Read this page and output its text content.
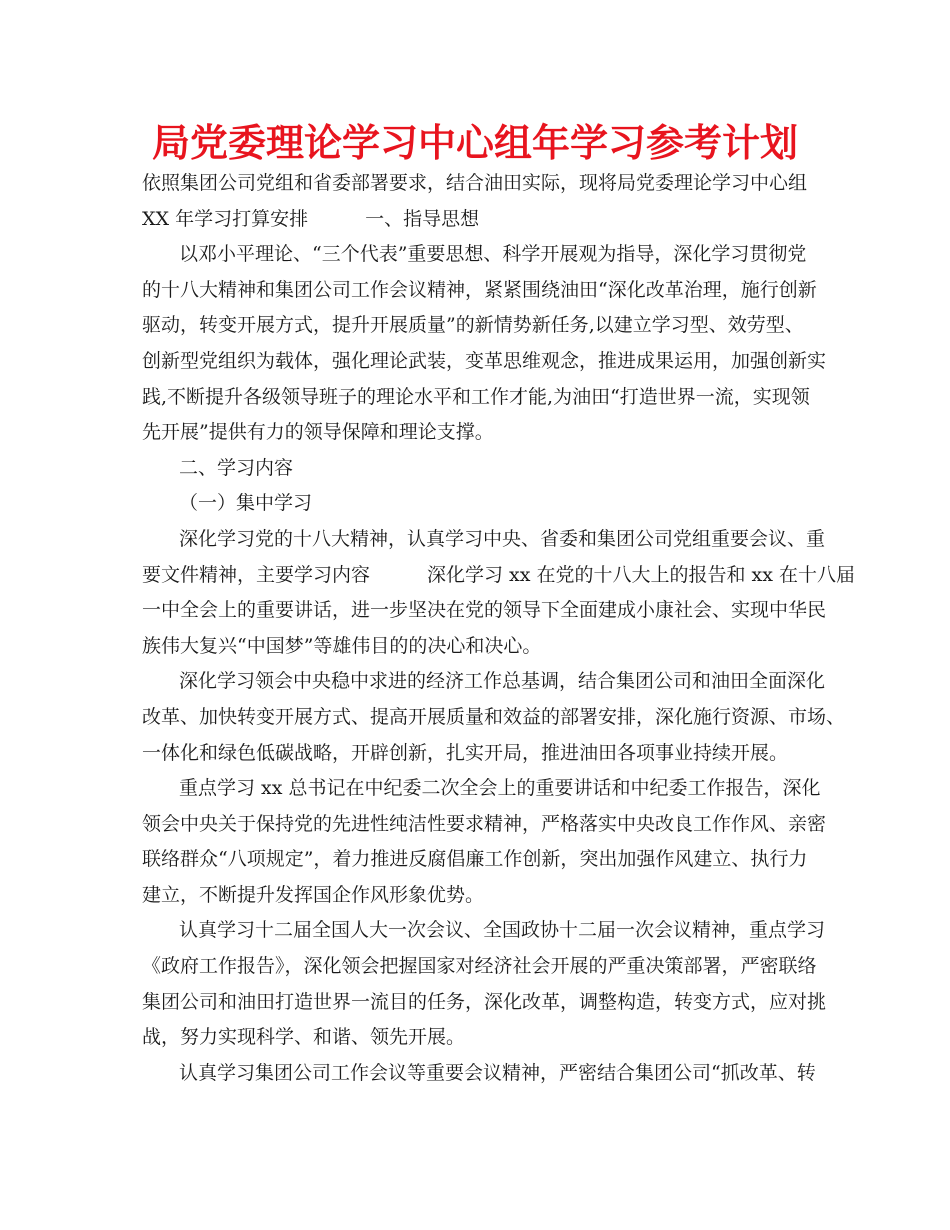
局党委理论学习中心组年学习参考计划
依照集团公司党组和省委部署要求，结合油田实际，现将局党委理论学习中心组
XX 年学习打算安排　　　一、指导思想
以邓小平理论、“三个代表”重要思想、科学开展观为指导，深化学习贯彻党
的十八大精神和集团公司工作会议精神，紧紧围绕油田“深化改革治理，施行创新
驱动，转变开展方式，提升开展质量”的新情势新任务,以建立学习型、效劳型、
创新型党组织为载体，强化理论武装，变革思维观念，推进成果运用，加强创新实
践,不断提升各级领导班子的理论水平和工作才能,为油田“打造世界一流，实现领
先开展”提供有力的领导保障和理论支撑。
二、学习内容
（一）集中学习
深化学习党的十八大精神，认真学习中央、省委和集团公司党组重要会议、重
要文件精神，主要学习内容　　　深化学习 xx 在党的十八大上的报告和 xx 在十八届
一中全会上的重要讲话，进一步坚决在党的领导下全面建成小康社会、实现中华民
族伟大复兴“中国梦”等雄伟目的的决心和决心。
深化学习领会中央稳中求进的经济工作总基调，结合集团公司和油田全面深化
改革、加快转变开展方式、提高开展质量和效益的部署安排，深化施行资源、市场、
一体化和绿色低碳战略，开辟创新，扎实开局，推进油田各项事业持续开展。
重点学习 xx 总书记在中纪委二次全会上的重要讲话和中纪委工作报告，深化
领会中央关于保持党的先进性纯洁性要求精神，严格落实中央改良工作作风、亲密
联络群众“八项规定”，着力推进反腐倡廉工作创新，突出加强作风建立、执行力
建立，不断提升发挥国企作风形象优势。
认真学习十二届全国人大一次会议、全国政协十二届一次会议精神，重点学习
《政府工作报告》，深化领会把握国家对经济社会开展的严重决策部署，严密联络
集团公司和油田打造世界一流目的任务，深化改革，调整构造，转变方式，应对挑
战，努力实现科学、和谐、领先开展。
认真学习集团公司工作会议等重要会议精神，严密结合集团公司“抓改革、转
